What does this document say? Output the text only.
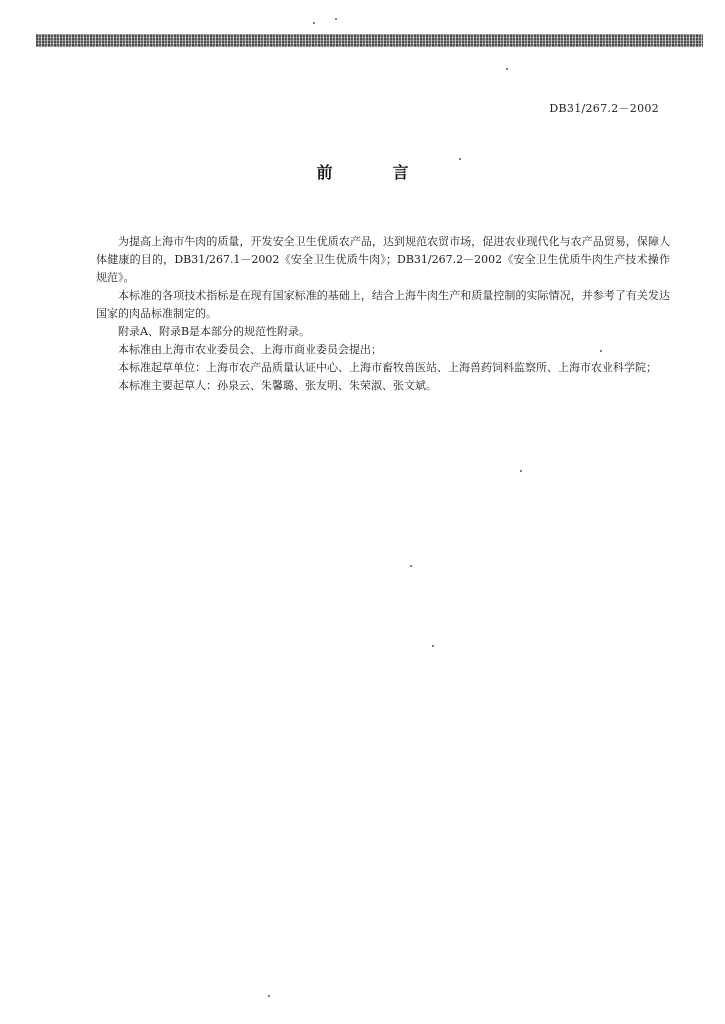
DB31/267.2－2002
前	言

为提高上海市牛肉的质量，开发安全卫生优质农产品，达到规范农贸市场，促进农业现代化与农产品贸易，保障人体健康的目的，DB31/267.1－2002《安全卫生优质牛肉》；DB31/267.2－2002《安全卫生优质牛肉生产技术操作规范》。

本标准的各项技术指标是在现有国家标准的基础上，结合上海牛肉生产和质量控制的实际情况，并参考了有关发达国家的肉品标准制定的。

附录A、附录B是本部分的规范性附录。

本标准由上海市农业委员会、上海市商业委员会提出；

本标准起草单位：上海市农产品质量认证中心、上海市畜牧兽医站、上海兽药饲料监察所、上海市农业科学院；

本标准主要起草人：孙泉云、朱馨璐、张友明、朱荣淑、张文斌。
